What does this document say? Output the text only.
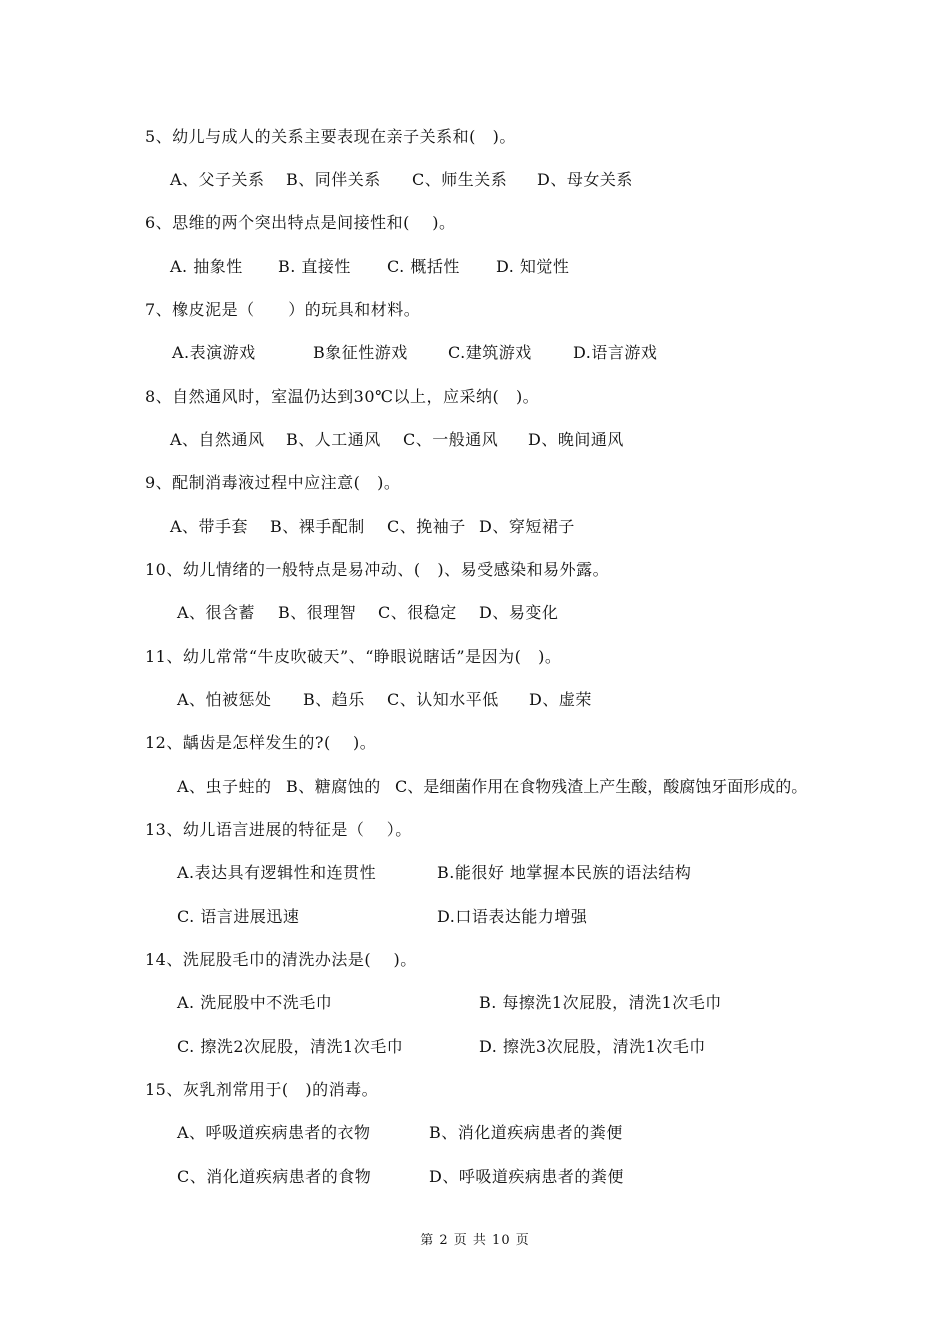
5、幼儿与成人的关系主要表现在亲子关系和(   )。
A、父子关系 B、同伴关系 C、师生关系 D、母女关系
6、思维的两个突出特点是间接性和(    )。
A. 抽象性 B. 直接性 C. 概括性 D. 知觉性
7、橡皮泥是（      ）的玩具和材料。
A.表演游戏	B象征性游戏	C.建筑游戏	D.语言游戏
8、自然通风时，室温仍达到30℃以上，应采纳(   )。
A、自然通风 B、人工通风 C、一般通风 D、晚间通风
9、配制消毒液过程中应注意(   )。
A、带手套 B、裸手配制 C、挽袖子 D、穿短裙子
10、幼儿情绪的一般特点是易冲动、(   )、易受感染和易外露。
A、很含蓄 B、很理智 C、很稳定 D、易变化
11、幼儿常常“牛皮吹破天”、“睁眼说瞎话”是因为(   )。
A、怕被惩处 B、趋乐 C、认知水平低 D、虚荣
12、龋齿是怎样发生的?(    )。
A、虫子蛀的 B、糖腐蚀的 C、是细菌作用在食物残渣上产生酸，酸腐蚀牙面形成的。
13、幼儿语言进展的特征是（    ）。
A.表达具有逻辑性和连贯性	B.能很好 地掌握本民族的语法结构
C. 语言进展迅速	D.口语表达能力增强
14、洗屁股毛巾的清洗办法是(    )。
A. 洗屁股中不洗毛巾	B. 每擦洗1次屁股，清洗1次毛巾
C. 擦洗2次屁股，清洗1次毛巾	D. 擦洗3次屁股，清洗1次毛巾
15、灰乳剂常用于(   )的消毒。
A、呼吸道疾病患者的衣物	B、消化道疾病患者的粪便
C、消化道疾病患者的食物	D、呼吸道疾病患者的粪便
第 2 页 共 10 页
